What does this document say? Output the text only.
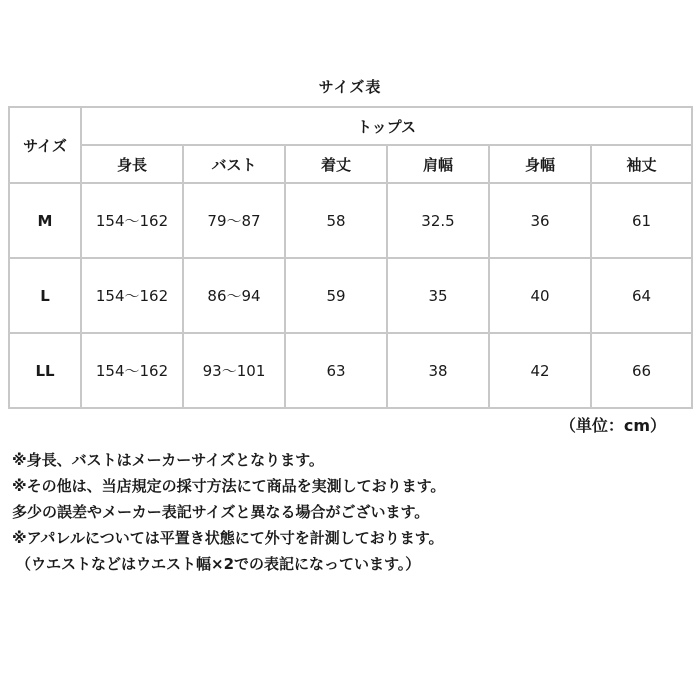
サイズ表
サイズ	トップス					
	身長	バスト	着丈	肩幅	身幅	袖丈
M	154～162	79～87	58	32.5	36	61
L	154～162	86～94	59	35	40	64
LL	154～162	93～101	63	38	42	66
（単位：cm）
※身長、バストはメーカーサイズとなります。
※その他は、当店規定の採寸方法にて商品を実測しております。
多少の誤差やメーカー表記サイズと異なる場合がございます。
※アパレルについては平置き状態にて外寸を計測しております。
（ウエストなどはウエスト幅×2での表記になっています。）
